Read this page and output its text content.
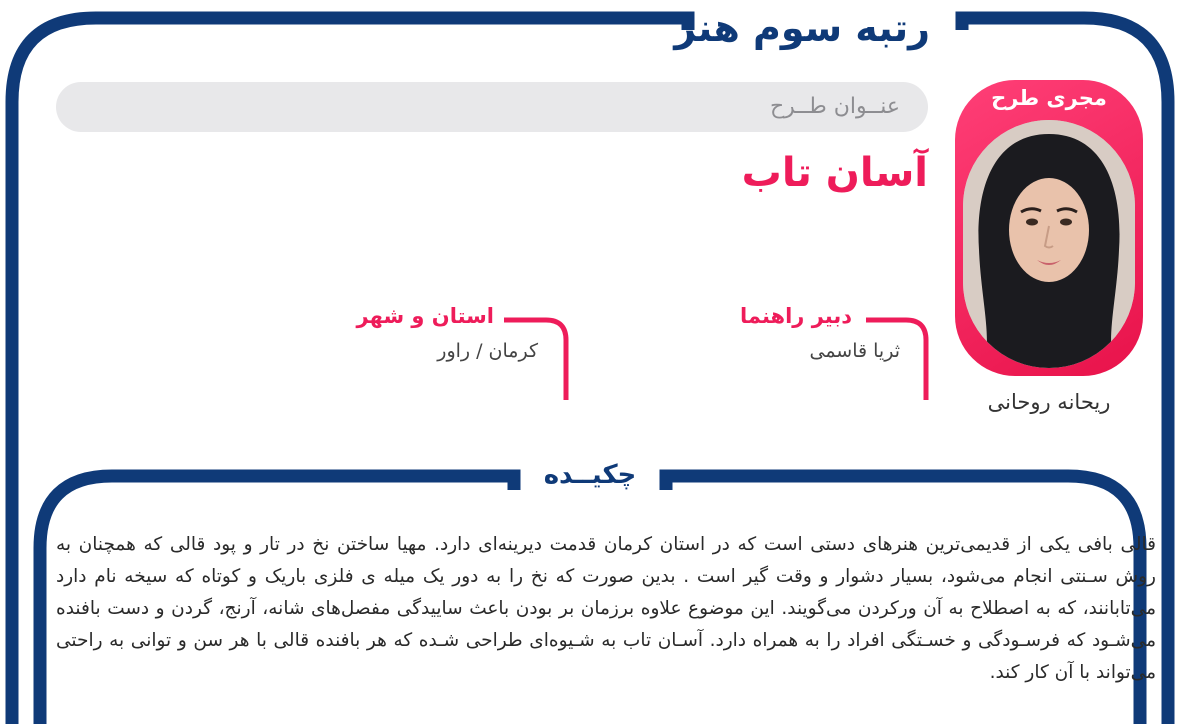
رتبه سوم هنر
عنــوان طــرح
آسان تاب
مجری طرح
ریحانه روحانی
دبیر راهنما
ثریا قاسمی
استان و شهر
کرمان / راور
چکیــده
قالی بافی یکی از قدیمی‌ترین هنرهای دستی است که در استان کرمان قدمت دیرینه‌ای دارد. مهیا ساختن نخ در تار و پود قالی که همچنان به روش سـنتی انجام می‌شود، بسیار دشوار و وقت گیر است . بدین صورت که نخ را به دور یک میله ی فلزی باریک و کوتاه که سیخه نام دارد می‌تابانند، که به اصطلاح به آن ورکردن می‌گویند. این موضوع علاوه برزمان بر بودن باعث ساییدگی مفصل‌های شانه، آرنج، گردن و دست بافنده می‌شـود که فرسـودگی و خسـتگی افراد را به همراه دارد. آسـان تاب به شـیوه‌ای طراحی شـده که هر بافنده قالی با هر سن و توانی به راحتی می‌تواند با آن کار کند.
